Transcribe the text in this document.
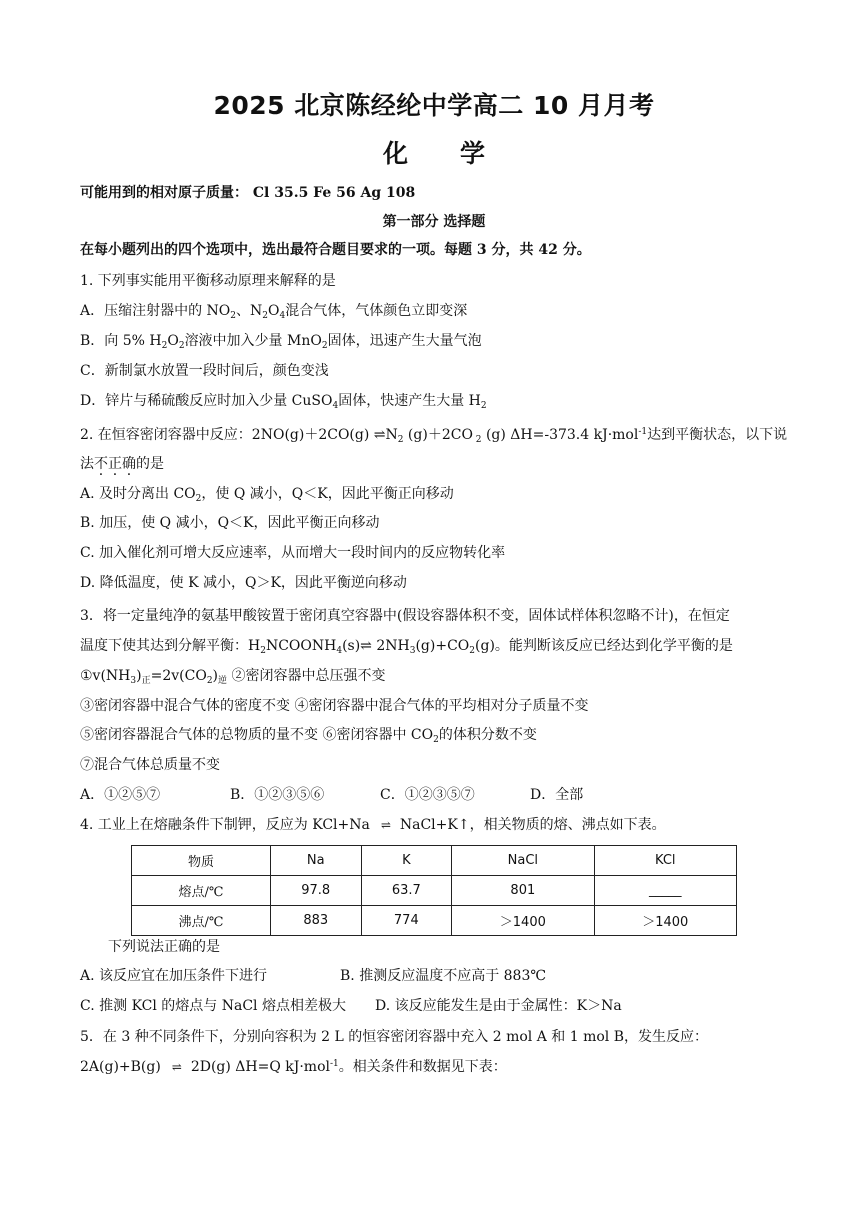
2025 北京陈经纶中学高二 10 月月考
化 学
可能用到的相对原子质量： Cl 35.5 Fe 56 Ag 108
第一部分 选择题
在每小题列出的四个选项中，选出最符合题目要求的一项。每题 3 分，共 42 分。
1. 下列事实能用平衡移动原理来解释的是
A．压缩注射器中的 $NO_2$、$N_2O_4$混合气体，气体颜色立即变深
B．向 5% $H_2O_2$溶液中加入少量 MnO$_2$固体，迅速产生大量气泡
C．新制氯水放置一段时间后，颜色变浅
D．锌片与稀硫酸反应时加入少量 CuSO$_4$固体，快速产生大量 $H_2$
2. 在恒容密闭容器中反应：2NO(g)＋2CO(g) $\rightleftharpoons N_2$ (g)＋2CO $_2$ (g) ΔH=-373.4 kJ·mol$^{-1}$达到平衡状态，以下说
法不正确的是
A. 及时分离出 $CO_2$，使 Q 减小，Q＜K，因此平衡正向移动
B. 加压，使 Q 减小，Q＜K，因此平衡正向移动
C. 加入催化剂可增大反应速率，从而增大一段时间内的反应物转化率
D. 降低温度，使 K 减小，Q＞K，因此平衡逆向移动
3．将一定量纯净的氨基甲酸铵置于密闭真空容器中(假设容器体积不变，固体试样体积忽略不计)，在恒定
温度下使其达到分解平衡：$H_2NCOONH_4(s)\rightleftharpoons$ $2NH_3(g)+CO_2(g)$。能判断该反应已经达到化学平衡的是
$①v(NH_3)_正=2v(CO_2)_逆$ ②密闭容器中总压强不变
③密闭容器中混合气体的密度不变 ④密闭容器中混合气体的平均相对分子质量不变
⑤密闭容器混合气体的总物质的量不变 ⑥密闭容器中 $CO_2$的体积分数不变
⑦混合气体总质量不变
A．①②⑤⑦	B．①②③⑤⑥	C．①②③⑤⑦	D．全部
4. 工业上在熔融条件下制钾，反应为 KCl+Na ⇌ NaCl+K↑，相关物质的熔、沸点如下表。
物质	Na	K	NaCl	KCl
熔点/℃	97.8	63.7	801	_____
沸点/℃	883	774	＞1400	＞1400
下列说法正确的是
A. 该反应宜在加压条件下进行	B. 推测反应温度不应高于 883℃
C. 推测 KCl 的熔点与 NaCl 熔点相差极大 D. 该反应能发生是由于金属性：K＞Na
5．在 3 种不同条件下，分别向容积为 2 L 的恒容密闭容器中充入 2 mol A 和 1 mol B，发生反应：
2A(g)+B(g) ⇌ 2D(g) ΔH=Q kJ·mol$^{-1}$。相关条件和数据见下表：
